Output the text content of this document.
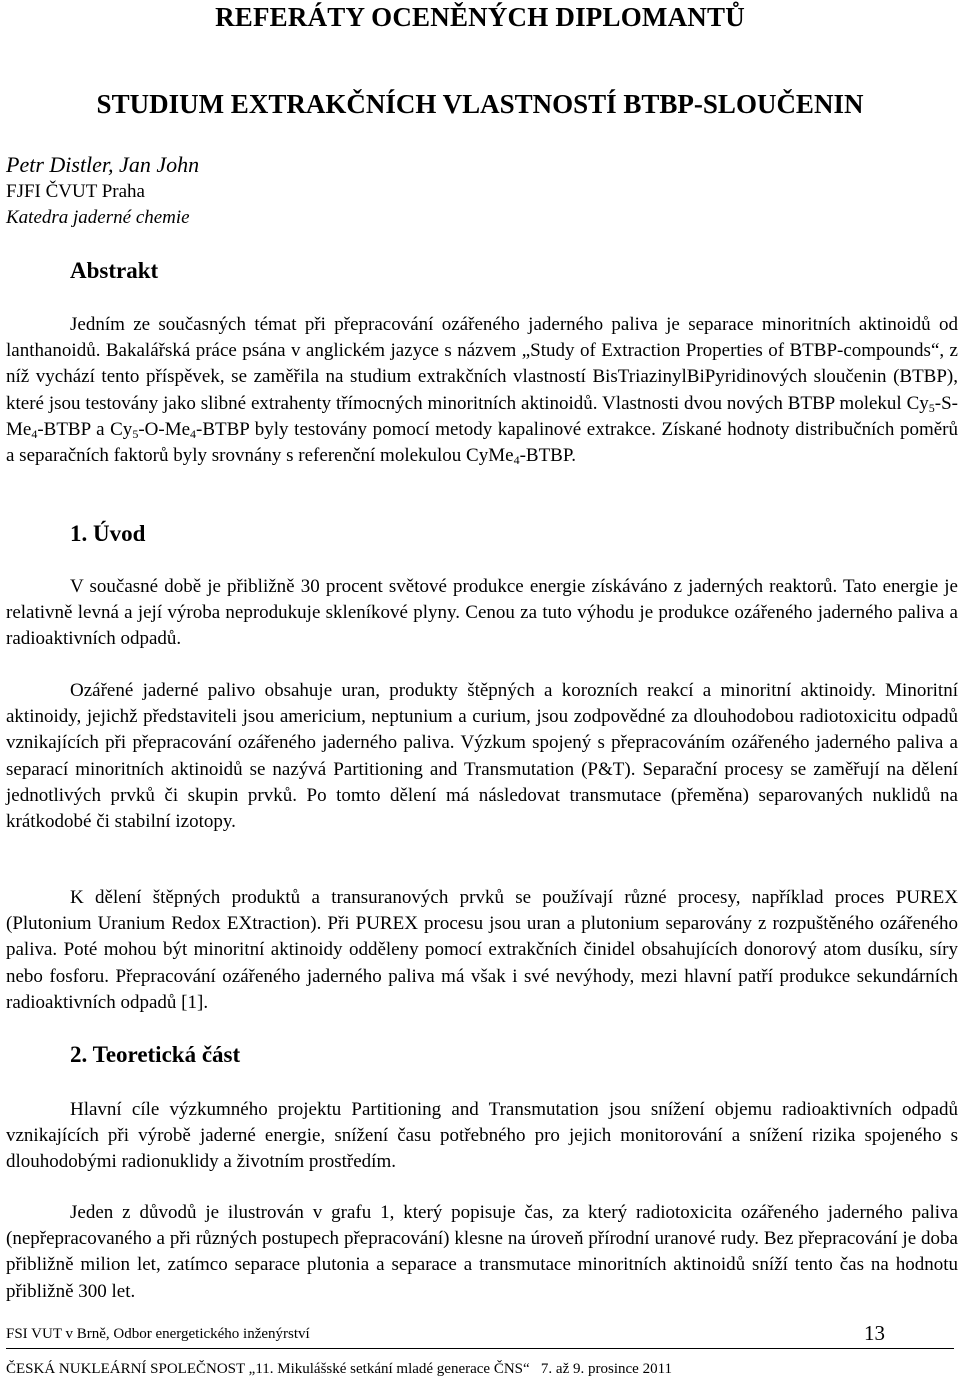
REFERÁTY OCENĚNÝCH DIPLOMANTŮ
STUDIUM EXTRAKČNÍCH VLASTNOSTÍ BTBP-SLOUČENIN
Petr Distler, Jan John
FJFI ČVUT Praha
Katedra jaderné chemie
Abstrakt

Jedním ze současných témat při přepracování ozářeného jaderného paliva je separace minoritních aktinoidů od lanthanoidů. Bakalářská práce psána v anglickém jazyce s názvem „Study of Extraction Properties of BTBP-compounds“, z níž vychází tento příspěvek, se zaměřila na studium extrakčních vlastností BisTriazinylBiPyridinových sloučenin (BTBP), které jsou testovány jako slibné extrahenty třímocných minoritních aktinoidů. Vlastnosti dvou nových BTBP molekul $Cy_5-S-Me_4$-BTBP a $Cy_5-O-Me_4$-BTBP byly testovány pomocí metody kapalinové extrakce. Získané hodnoty distribučních poměrů a separačních faktorů byly srovnány s referenční molekulou CyMe$_4$-BTBP.

1. Úvod

V současné době je přibližně 30 procent světové produkce energie získáváno z jaderných reaktorů. Tato energie je relativně levná a její výroba neprodukuje skleníkové plyny. Cenou za tuto výhodu je produkce ozářeného jaderného paliva a radioaktivních odpadů.

Ozářené jaderné palivo obsahuje uran, produkty štěpných a korozních reakcí a minoritní aktinoidy. Minoritní aktinoidy, jejichž představiteli jsou americium, neptunium a curium, jsou zodpovědné za dlouhodobou radiotoxicitu odpadů vznikajících při přepracování ozářeného jaderného paliva. Výzkum spojený s přepracováním ozářeného jaderného paliva a separací minoritních aktinoidů se nazývá Partitioning and Transmutation (P&T). Separační procesy se zaměřují na dělení jednotlivých prvků či skupin prvků. Po tomto dělení má následovat transmutace (přeměna) separovaných nuklidů na krátkodobé či stabilní izotopy.

K dělení štěpných produktů a transuranových prvků se používají různé procesy, například proces PUREX (Plutonium Uranium Redox EXtraction). Při PUREX procesu jsou uran a plutonium separovány z rozpuštěného ozářeného paliva. Poté mohou být minoritní aktinoidy odděleny pomocí extrakčních činidel obsahujících donorový atom dusíku, síry nebo fosforu. Přepracování ozářeného jaderného paliva má však i své nevýhody, mezi hlavní patří produkce sekundárních radioaktivních odpadů [1].

2. Teoretická část

Hlavní cíle výzkumného projektu Partitioning and Transmutation jsou snížení objemu radioaktivních odpadů vznikajících při výrobě jaderné energie, snížení času potřebného pro jejich monitorování a snížení rizika spojeného s dlouhodobými radionuklidy a životním prostředím.

Jeden z důvodů je ilustrován v grafu 1, který popisuje čas, za který radiotoxicita ozářeného jaderného paliva (nepřepracovaného a při různých postupech přepracování) klesne na úroveň přírodní uranové rudy. Bez přepracování je doba přibližně milion let, zatímco separace plutonia a separace a transmutace minoritních aktinoidů sníží tento čas na hodnotu přibližně 300 let.

FSI VUT v Brně, Odbor energetického inženýrství	13
ČESKÁ NUKLEÁRNÍ SPOLEČNOST „11. Mikulášské setkání mladé generace ČNS“   7. až 9. prosince 2011
